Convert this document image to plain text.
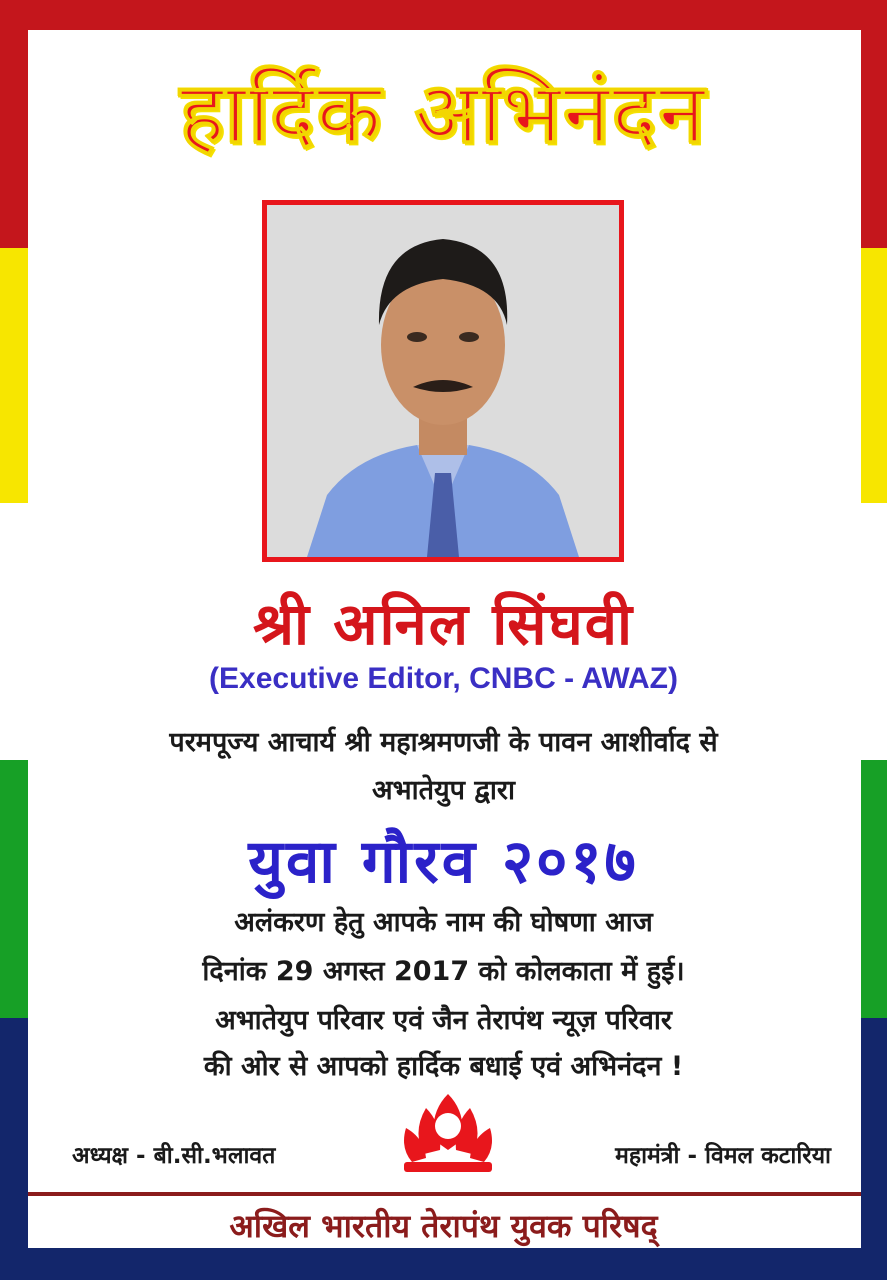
हार्दिक अभिनंदन
श्री अनिल सिंघवी
(Executive Editor, CNBC - AWAZ)
परमपूज्य आचार्य श्री महाश्रमणजी के पावन आशीर्वाद से
अभातेयुप द्वारा
युवा गौरव २०१७
अलंकरण हेतु आपके नाम की घोषणा आज
दिनांक 29 अगस्त 2017 को कोलकाता में हुई।
अभातेयुप परिवार एवं जैन तेरापंथ न्यूज़ परिवार
की ओर से आपको हार्दिक बधाई एवं अभिनंदन !
अध्यक्ष - बी.सी.भलावत	महामंत्री - विमल कटारिया
अखिल भारतीय तेरापंथ युवक परिषद्
